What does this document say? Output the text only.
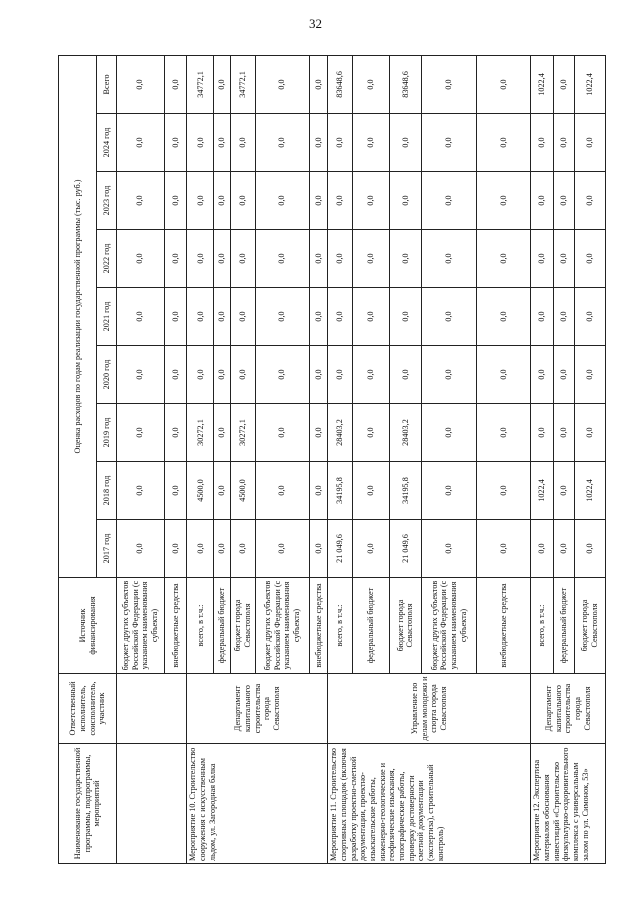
32
Наименование государственной программы, подпрограммы, мероприятий	Ответственный исполнитель, соисполнитель, участник	Источник финансирования	Оценка расходов по годам реализации государственной программы (тыс. руб.)								
			2017 год	2018 год	2019 год	2020 год	2021 год	2022 год	2023 год	2024 год	Всего
		бюджет других субъектов Российской Федерации (с указанием наименования субъекта)	0,0	0,0	0,0	0,0	0,0	0,0	0,0	0,0	0,0
		внебюджетные средства	0,0	0,0	0,0	0,0	0,0	0,0	0,0	0,0	0,0
Мероприятие 10. Строительство сооружения с искусственным льдом, ул. Загородная балка	Департамент капитального строительства города Севастополя	всего, в т.ч.:	0,0	4500,0	30272,1	0,0	0,0	0,0	0,0	0,0	34772,1
		федеральный бюджет	0,0	0,0	0,0	0,0	0,0	0,0	0,0	0,0	0,0
		бюджет города Севастополя	0,0	4500,0	30272,1	0,0	0,0	0,0	0,0	0,0	34772,1
		бюджет других субъектов Российской Федерации (с указанием наименования субъекта)	0,0	0,0	0,0	0,0	0,0	0,0	0,0	0,0	0,0
		внебюджетные средства	0,0	0,0	0,0	0,0	0,0	0,0	0,0	0,0	0,0
Мероприятие 11. Строительство спортивных площадок (включая разработку проектно-сметной документации, проектно-изыскательские работы, инженерно-геологические и геофизические изыскания, топографические работы, проверку достоверности сметной документации (экспертиза), строительный контроль)	Управление по делам молодежи и спорта города Севастополя	всего, в т.ч.:	21 049,6	34195,8	28403,2	0,0	0,0	0,0	0,0	0,0	83648,6
		федеральный бюджет	0,0	0,0	0,0	0,0	0,0	0,0	0,0	0,0	0,0
		бюджет города Севастополя	21 049,6	34195,8	28403,2	0,0	0,0	0,0	0,0	0,0	83648,6
		бюджет других субъектов Российской Федерации (с указанием наименования субъекта)	0,0	0,0	0,0	0,0	0,0	0,0	0,0	0,0	0,0
		внебюджетные средства	0,0	0,0	0,0	0,0	0,0	0,0	0,0	0,0	0,0
Мероприятие 12. Экспертиза материалов обоснования инвестиций «Строительство физкультурно-оздоровительного комплекса с универсальным залом по ул. Симонок, 53»	Департамент капитального строительства города Севастополя	всего, в т.ч.:	0,0	1022,4	0,0	0,0	0,0	0,0	0,0	0,0	1022,4
		федеральный бюджет	0,0	0,0	0,0	0,0	0,0	0,0	0,0	0,0	0,0
		бюджет города Севастополя	0,0	1022,4	0,0	0,0	0,0	0,0	0,0	0,0	1022,4
